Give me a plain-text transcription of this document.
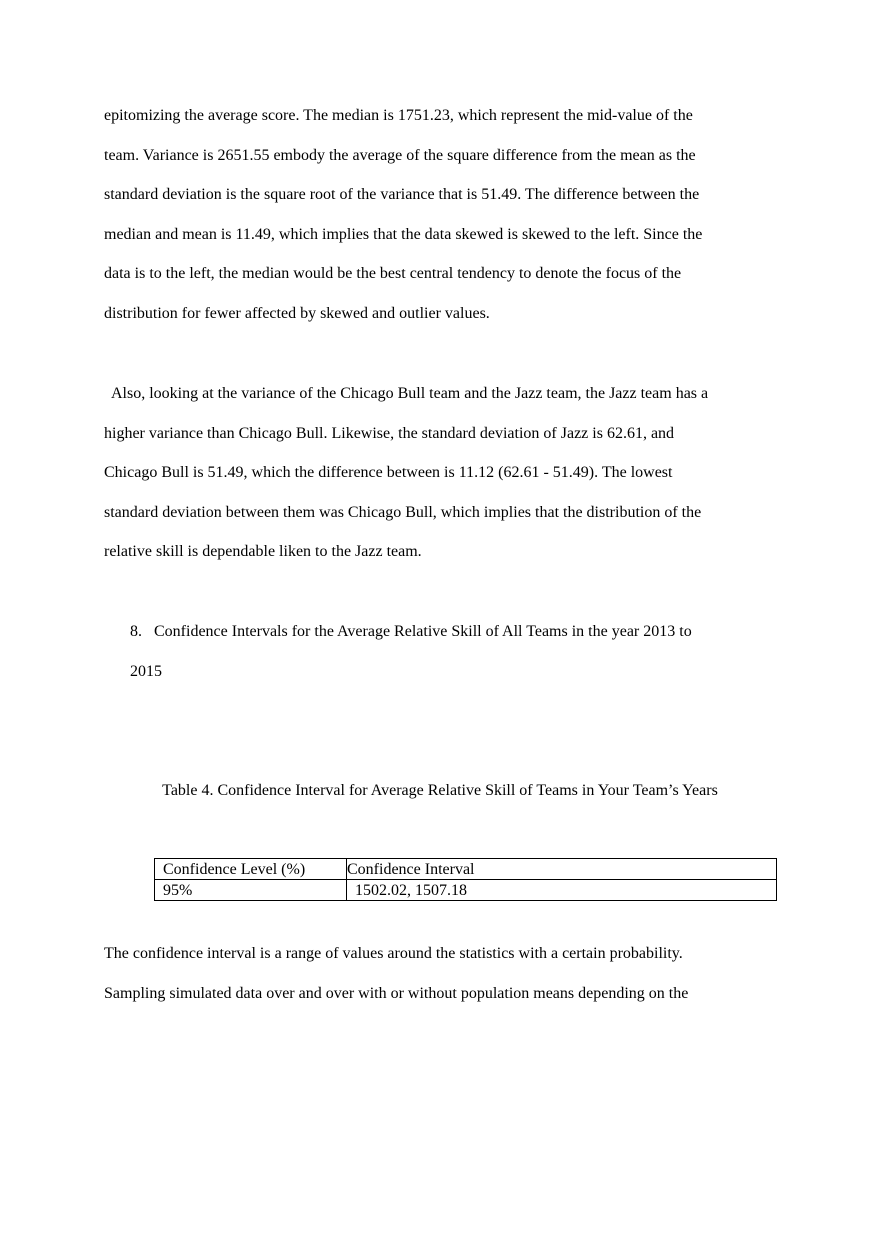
epitomizing the average score. The median is 1751.23, which represent the mid-value of the
team. Variance is 2651.55 embody the average of the square difference from the mean as the
standard deviation is the square root of the variance that is 51.49. The difference between the
median and mean is 11.49, which implies that the data skewed is skewed to the left. Since the
data is to the left, the median would be the best central tendency to denote the focus of the
distribution for fewer affected by skewed and outlier values.

Also, looking at the variance of the Chicago Bull team and the Jazz team, the Jazz team has a
higher variance than Chicago Bull. Likewise, the standard deviation of Jazz is 62.61, and
Chicago Bull is 51.49, which the difference between is 11.12 (62.61 - 51.49). The lowest
standard deviation between them was Chicago Bull, which implies that the distribution of the
relative skill is dependable liken to the Jazz team.

8. Confidence Intervals for the Average Relative Skill of All Teams in the year 2013 to
2015

Table 4. Confidence Interval for Average Relative Skill of Teams in Your Team’s Years

Confidence Level (%)	Confidence Interval
95%	1502.02, 1507.18

The confidence interval is a range of values around the statistics with a certain probability.
Sampling simulated data over and over with or without population means depending on the
